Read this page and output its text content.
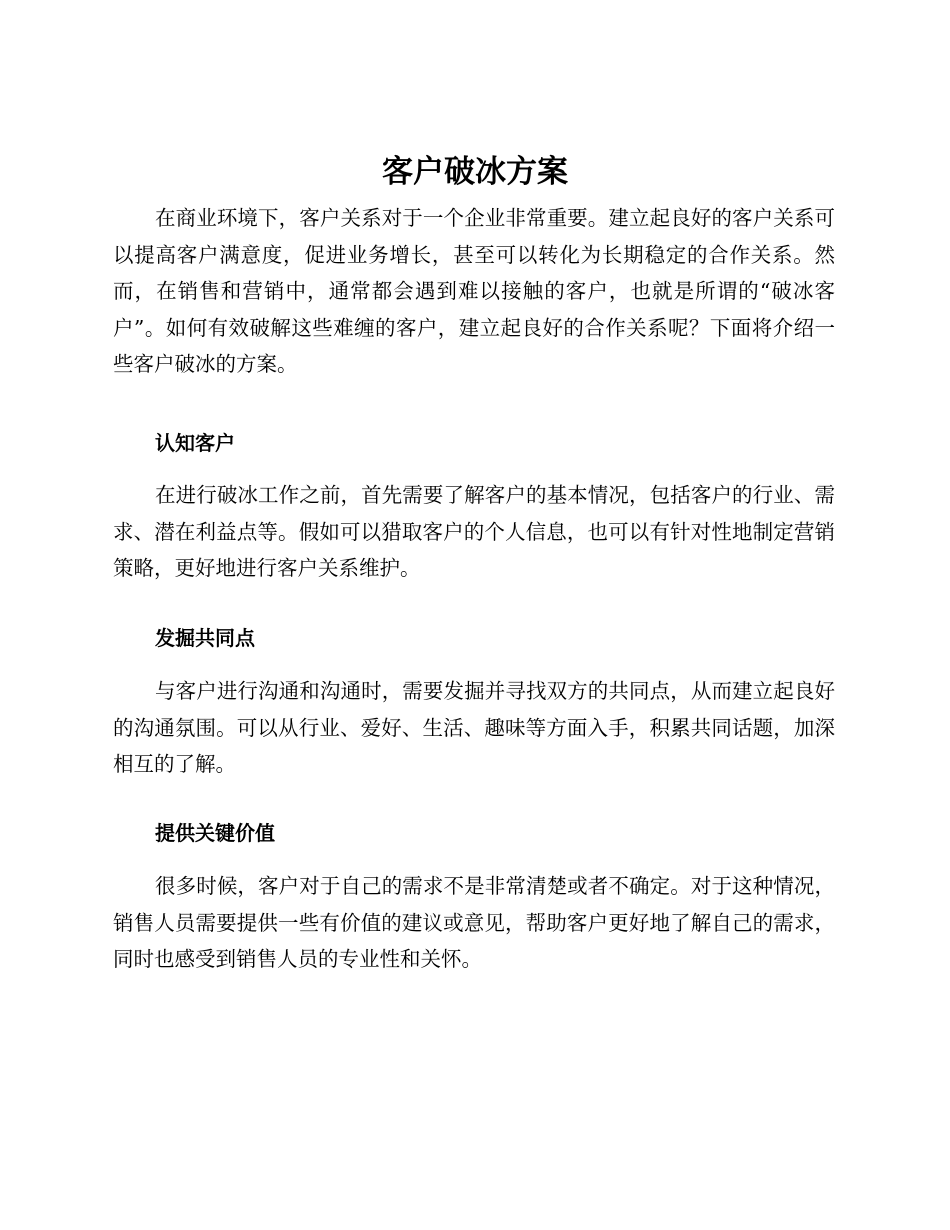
客户破冰方案

在商业环境下，客户关系对于一个企业非常重要。建立起良好的客户关系可以提高客户满意度，促进业务增长，甚至可以转化为长期稳定的合作关系。然而，在销售和营销中，通常都会遇到难以接触的客户，也就是所谓的“破冰客户”。如何有效破解这些难缠的客户，建立起良好的合作关系呢？下面将介绍一些客户破冰的方案。

认知客户

在进行破冰工作之前，首先需要了解客户的基本情况，包括客户的行业、需求、潜在利益点等。假如可以猎取客户的个人信息，也可以有针对性地制定营销策略，更好地进行客户关系维护。

发掘共同点

与客户进行沟通和沟通时，需要发掘并寻找双方的共同点，从而建立起良好的沟通氛围。可以从行业、爱好、生活、趣味等方面入手，积累共同话题，加深相互的了解。

提供关键价值

很多时候，客户对于自己的需求不是非常清楚或者不确定。对于这种情况，销售人员需要提供一些有价值的建议或意见，帮助客户更好地了解自己的需求，同时也感受到销售人员的专业性和关怀。
